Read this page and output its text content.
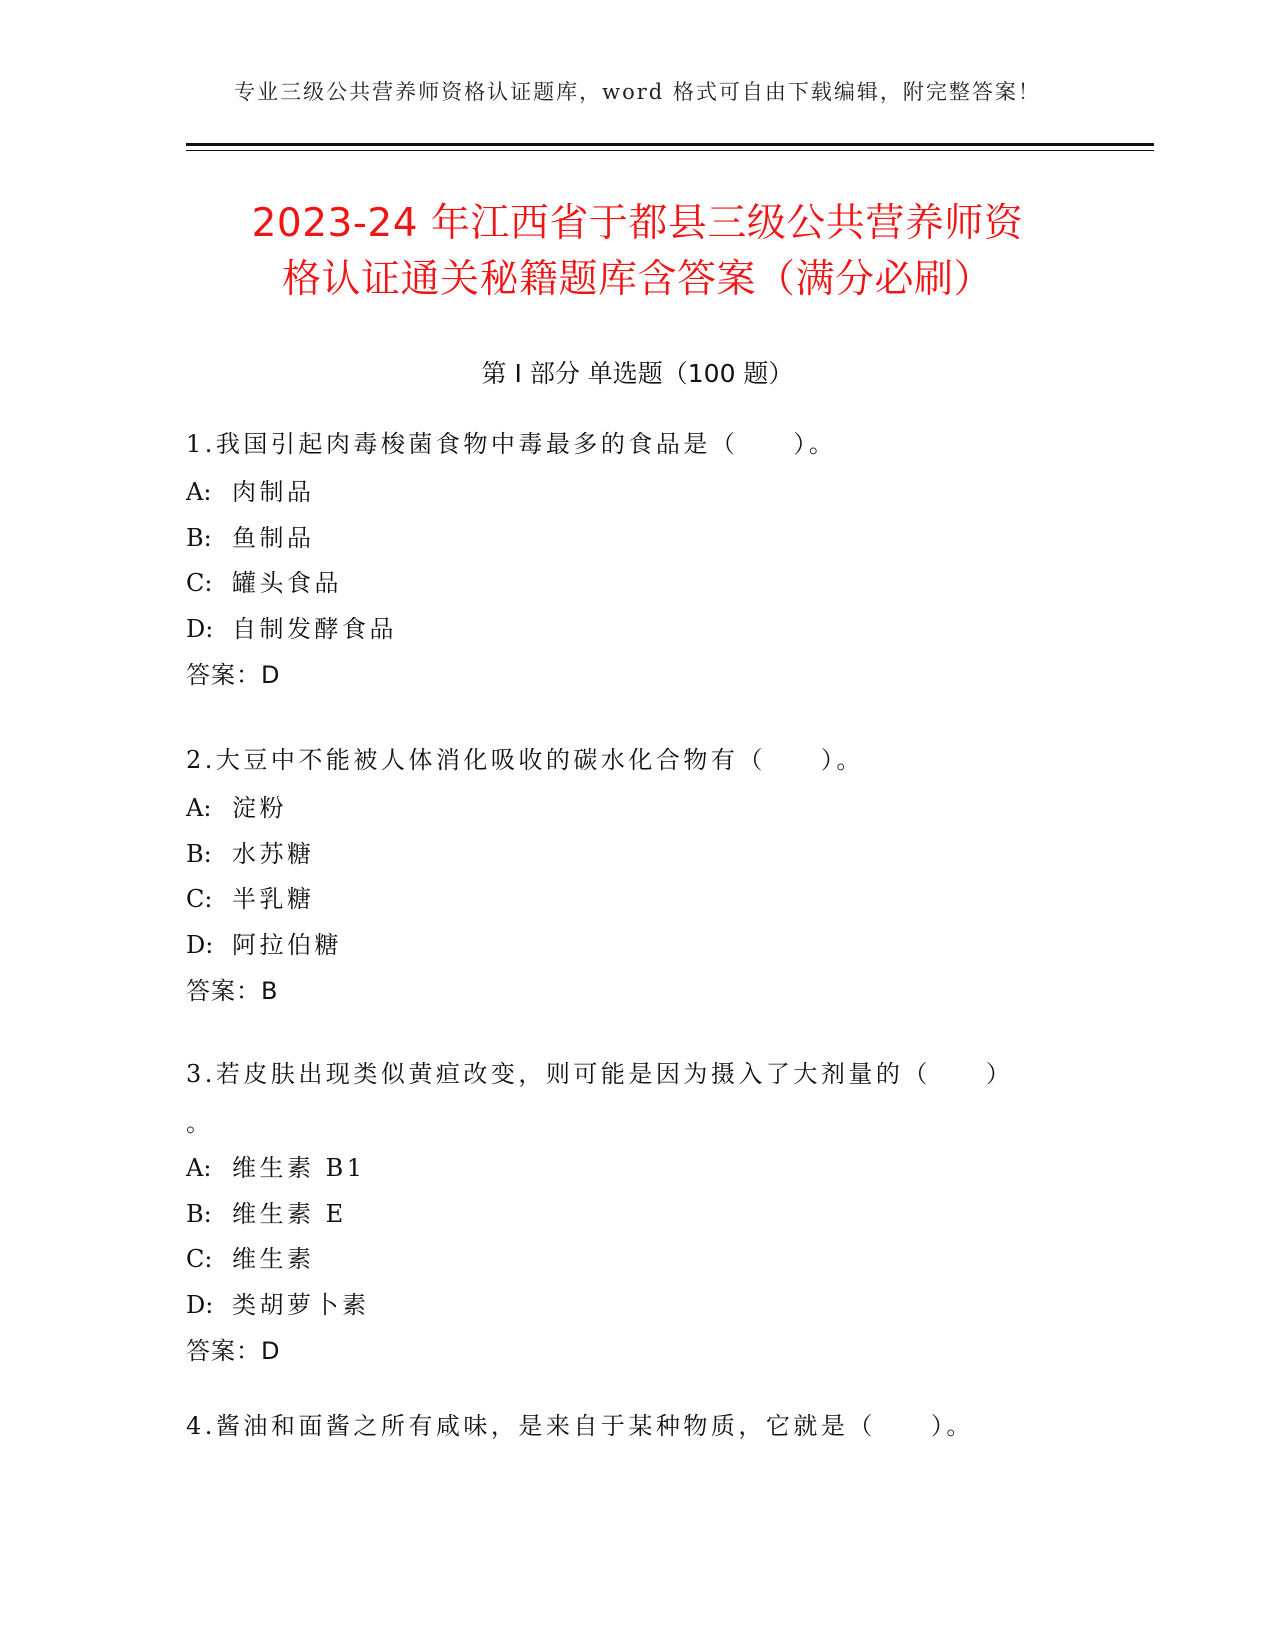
专业三级公共营养师资格认证题库，word 格式可自由下载编辑，附完整答案！
2023-24 年江西省于都县三级公共营养师资
格认证通关秘籍题库含答案（满分必刷）
第 I 部分 单选题（100 题）
1.我国引起肉毒梭菌食物中毒最多的食品是（　　）。
A: 肉制品
B: 鱼制品
C: 罐头食品
D: 自制发酵食品
答案：D
2.大豆中不能被人体消化吸收的碳水化合物有（　　）。
A: 淀粉
B: 水苏糖
C: 半乳糖
D: 阿拉伯糖
答案：B
3.若皮肤出现类似黄疸改变，则可能是因为摄入了大剂量的（　　）
。
A: 维生素 B1
B: 维生素 E
C: 维生素
D: 类胡萝卜素
答案：D
4.酱油和面酱之所有咸味，是来自于某种物质，它就是（　　）。
